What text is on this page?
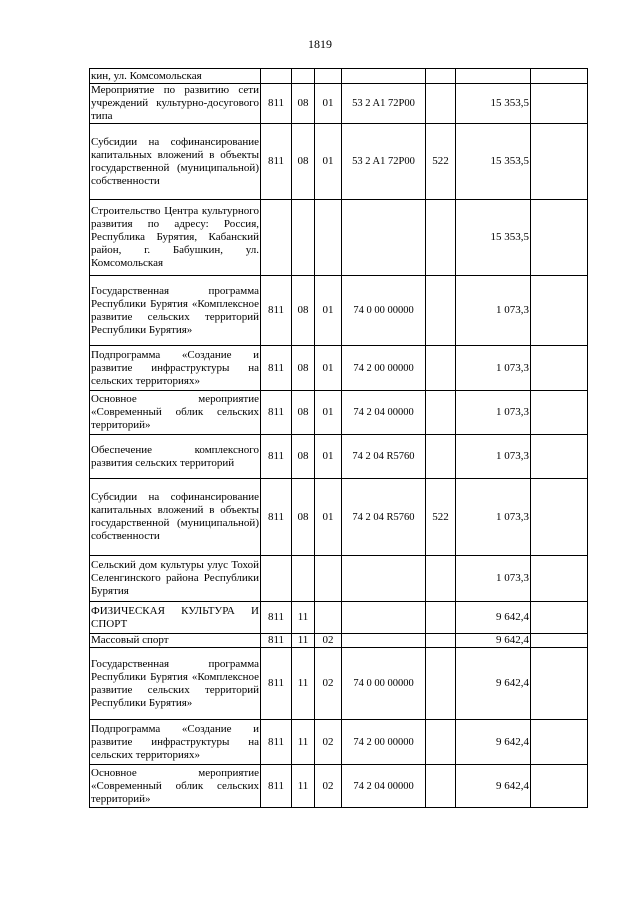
1819
кин, ул. Комсомольская							
Мероприятие по развитию сети учреждений культурно-досугового типа	811	08	01	53 2 A1 72P00		15 353,5	
Субсидии на софинансирование капитальных вложений в объекты государственной (муниципальной) собственности	811	08	01	53 2 A1 72P00	522	15 353,5	
Строительство Центра культурного развития по адресу: Россия, Республика Бурятия, Кабанский район, г. Бабушкин, ул. Комсомольская						15 353,5	
Государственная программа Республики Бурятия «Комплексное развитие сельских территорий Республики Бурятия»	811	08	01	74 0 00 00000		1 073,3	
Подпрограмма «Создание и развитие инфраструктуры на сельских территориях»	811	08	01	74 2 00 00000		1 073,3	
Основное мероприятие «Современный облик сельских территорий»	811	08	01	74 2 04 00000		1 073,3	
Обеспечение комплексного развития сельских территорий	811	08	01	74 2 04 R5760		1 073,3	
Субсидии на софинансирование капитальных вложений в объекты государственной (муниципальной) собственности	811	08	01	74 2 04 R5760	522	1 073,3	
Сельский дом культуры улус Тохой Селенгинского района Республики Бурятия						1 073,3	
ФИЗИЧЕСКАЯ КУЛЬТУРА И СПОРТ	811	11				9 642,4	
Массовый спорт	811	11	02			9 642,4	
Государственная программа Республики Бурятия «Комплексное развитие сельских территорий Республики Бурятия»	811	11	02	74 0 00 00000		9 642,4	
Подпрограмма «Создание и развитие инфраструктуры на сельских территориях»	811	11	02	74 2 00 00000		9 642,4	
Основное мероприятие «Современный облик сельских территорий»	811	11	02	74 2 04 00000		9 642,4	
